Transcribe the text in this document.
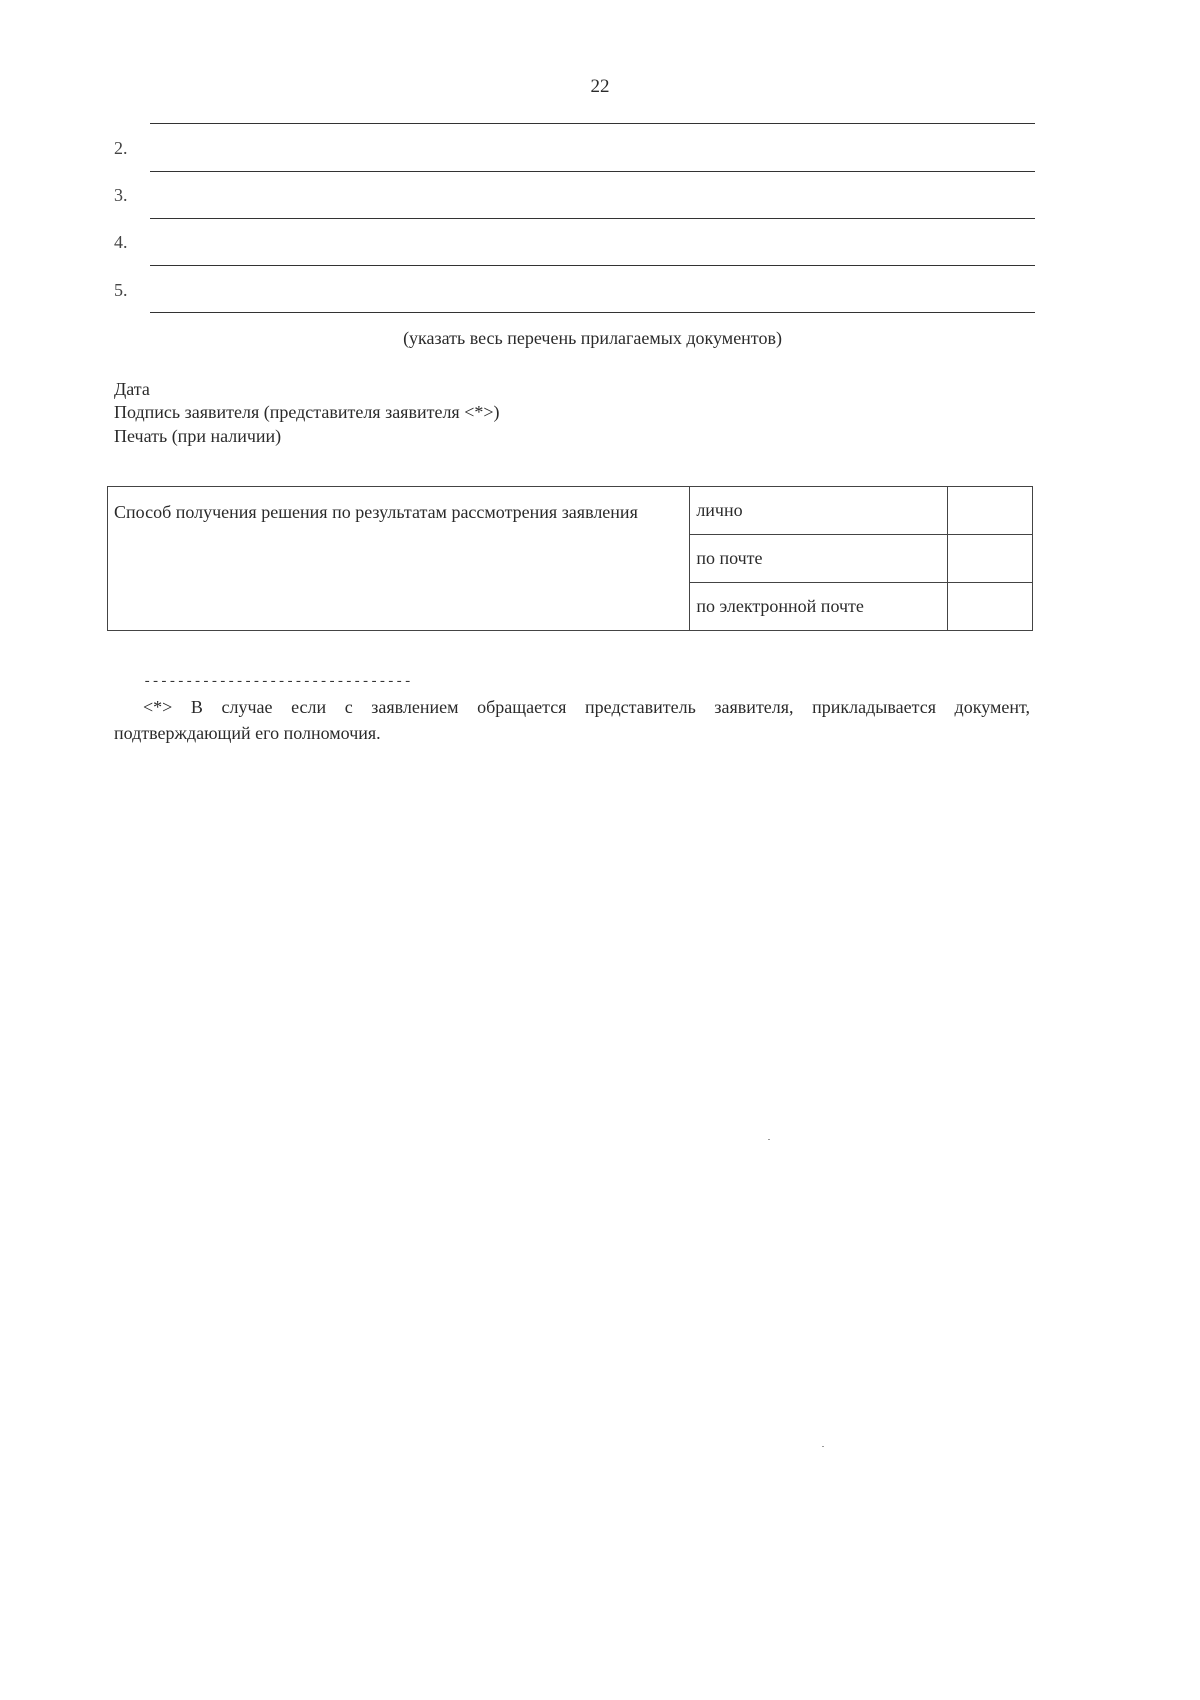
22
2.
3.
4.
5.
(указать весь перечень прилагаемых документов)
Дата
Подпись заявителя (представителя заявителя <*>)
Печать (при наличии)
Способ получения решения по результатам рассмотрения заявления	лично	
	по почте	
	по электронной почте	
--------------------------------
<*> В случае если с заявлением обращается представитель заявителя, прикладывается документ, подтверждающий его полномочия.
